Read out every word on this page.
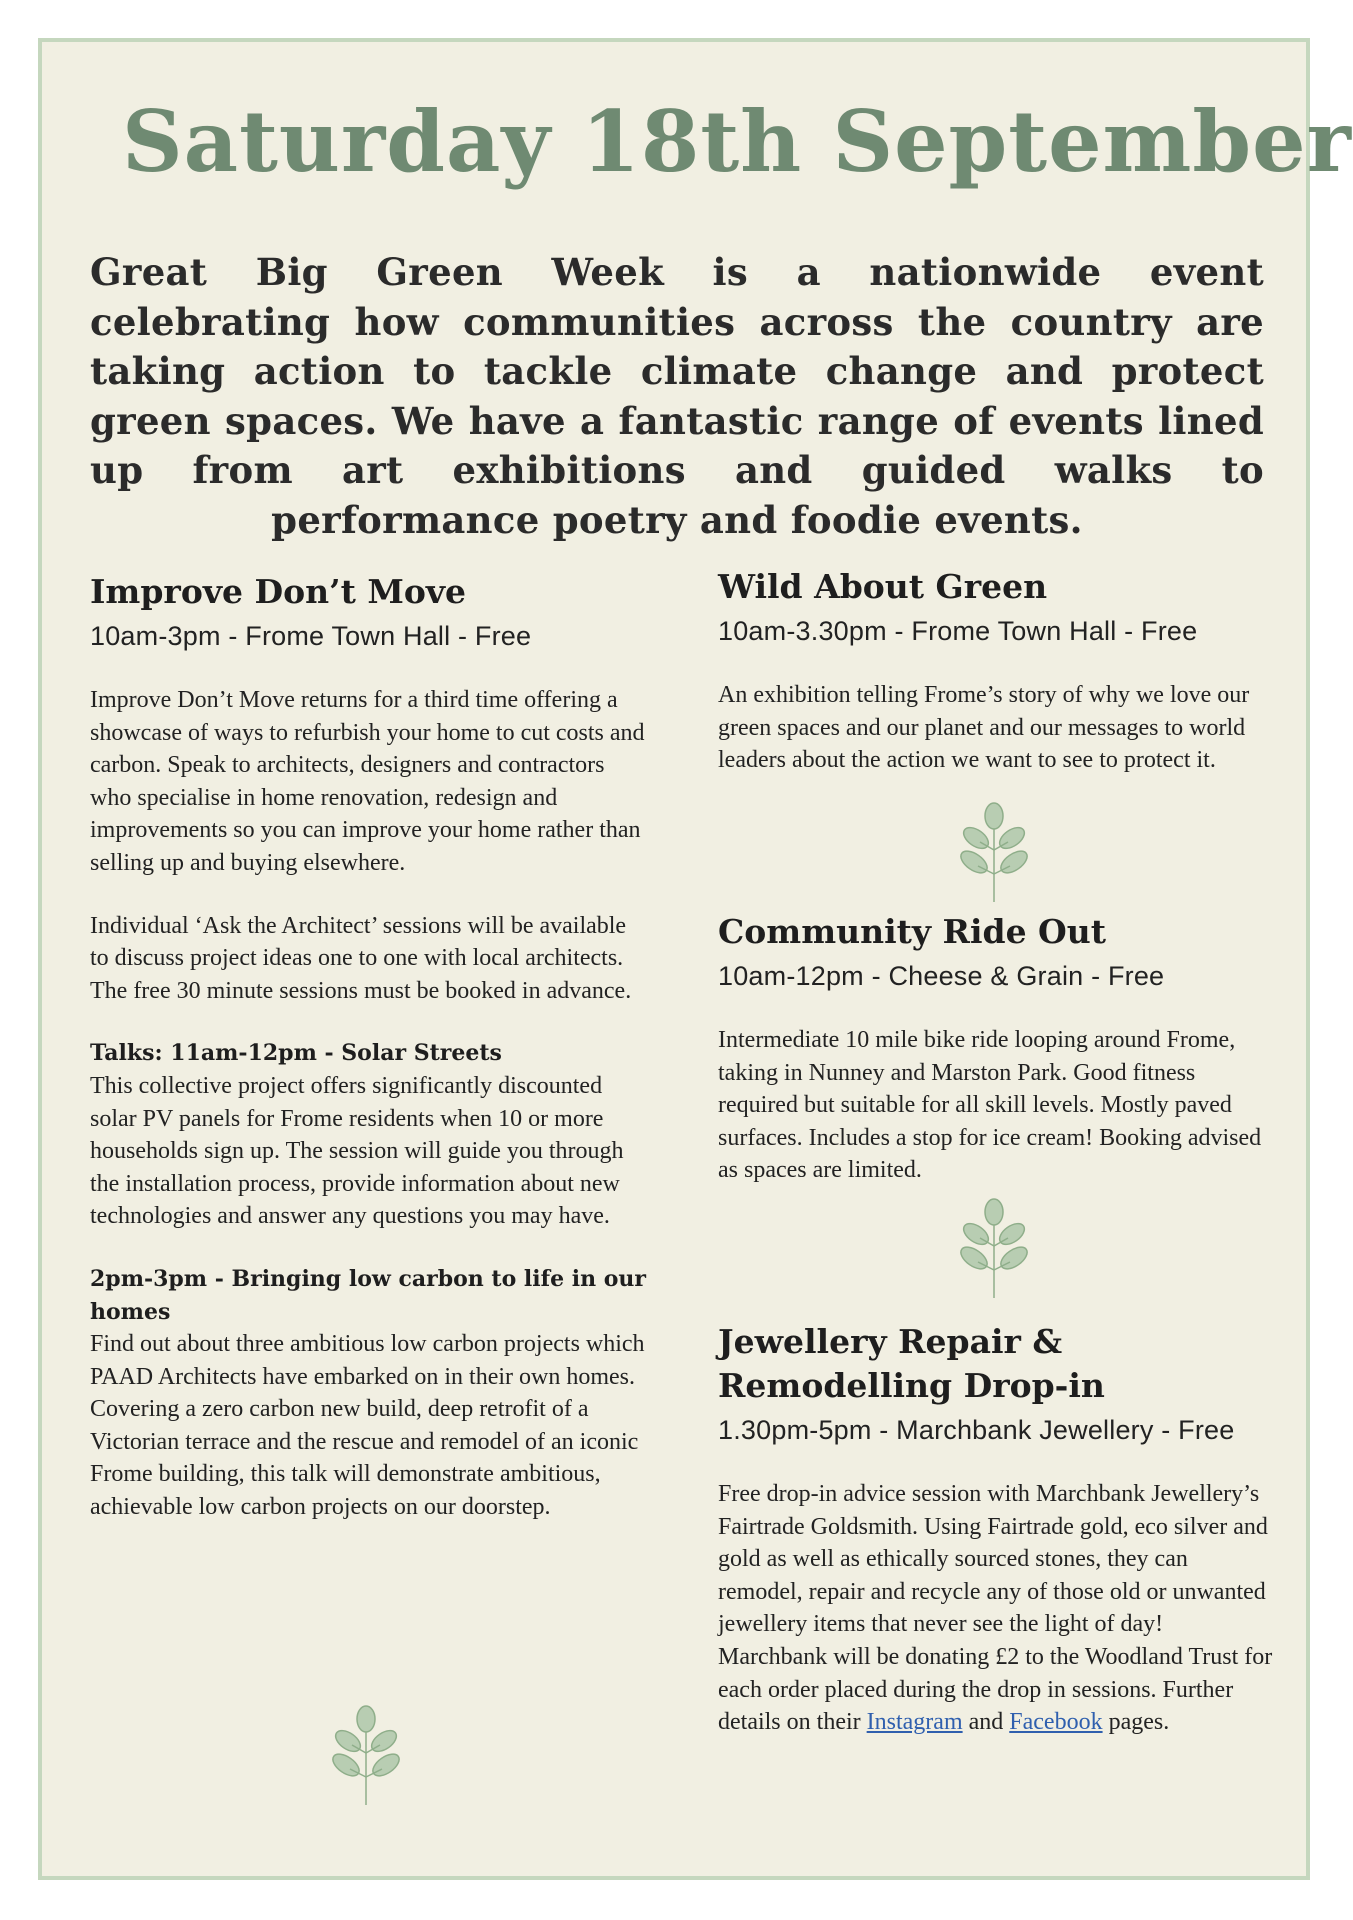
Saturday 18th September

Great Big Green Week is a nationwide event celebrating how communities across the country are taking action to tackle climate change and protect green spaces. We have a fantastic range of events lined up from art exhibitions and guided walks to performance poetry and foodie events.

Improve Don’t Move

10am-3pm - Frome Town Hall - Free

Improve Don’t Move returns for a third time offering a showcase of ways to refurbish your home to cut costs and carbon. Speak to architects, designers and contractors who specialise in home renovation, redesign and improvements so you can improve your home rather than selling up and buying elsewhere.

Individual ‘Ask the Architect’ sessions will be available to discuss project ideas one to one with local architects. The free 30 minute sessions must be booked in advance.

Talks: 11am-12pm - Solar Streets

This collective project offers significantly discounted solar PV panels for Frome residents when 10 or more households sign up. The session will guide you through the installation process, provide information about new technologies and answer any questions you may have.

2pm-3pm - Bringing low carbon to life in our homes

Find out about three ambitious low carbon projects which PAAD Architects have embarked on in their own homes. Covering a zero carbon new build, deep retrofit of a Victorian terrace and the rescue and remodel of an iconic Frome building, this talk will demonstrate ambitious, achievable low carbon projects on our doorstep.

Wild About Green

10am-3.30pm - Frome Town Hall - Free

An exhibition telling Frome’s story of why we love our green spaces and our planet and our messages to world leaders about the action we want to see to protect it.

Community Ride Out

10am-12pm - Cheese & Grain - Free

Intermediate 10 mile bike ride looping around Frome, taking in Nunney and Marston Park. Good fitness required but suitable for all skill levels. Mostly paved surfaces. Includes a stop for ice cream! Booking advised as spaces are limited.

Jewellery Repair & Remodelling Drop-in

1.30pm-5pm - Marchbank Jewellery - Free

Free drop-in advice session with Marchbank Jewellery’s Fairtrade Goldsmith. Using Fairtrade gold, eco silver and gold as well as ethically sourced stones, they can remodel, repair and recycle any of those old or unwanted jewellery items that never see the light of day! Marchbank will be donating £2 to the Woodland Trust for each order placed during the drop in sessions. Further details on their Instagram and Facebook pages.
